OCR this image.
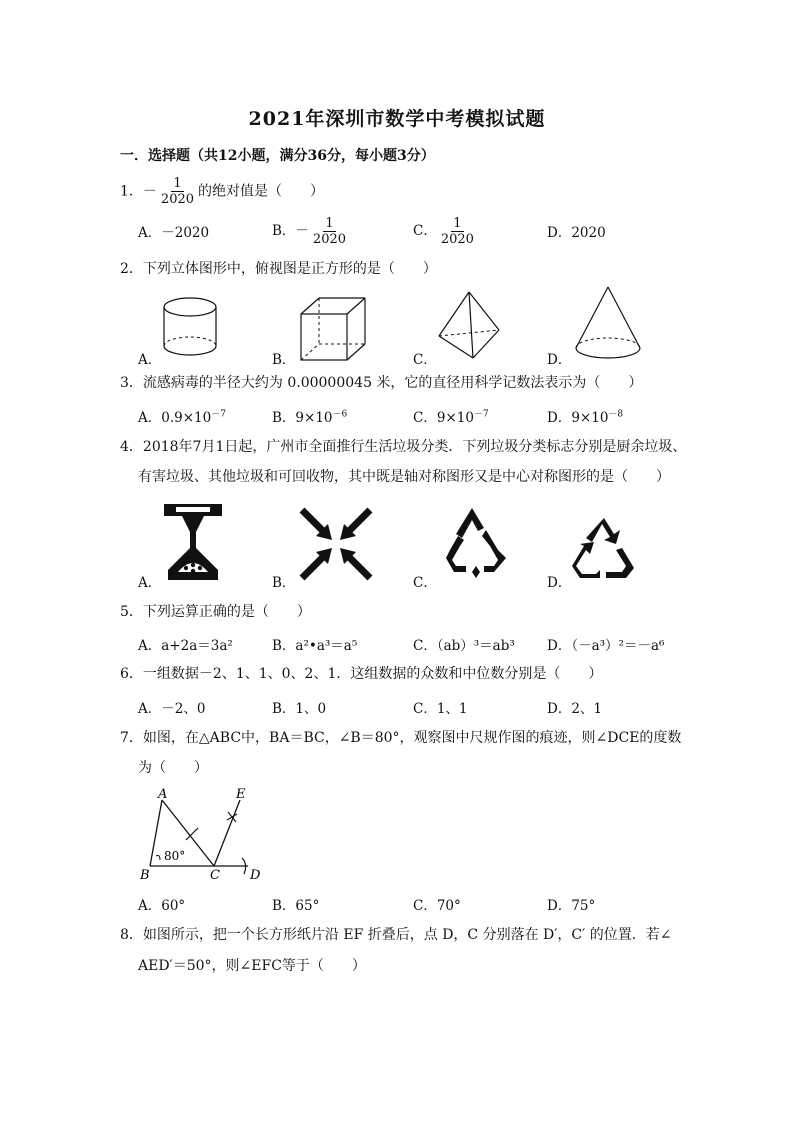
2021年深圳市数学中考模拟试题
一．选择题（共12小题，满分36分，每小题3分）
1．－ $\frac{1}{2020}$ 的绝对值是（　　）
A．－2020	B．－ $\frac{1}{2020}$	C． $\frac{1}{2020}$	D．2020
2．下列立体图形中，俯视图是正方形的是（　　）
A．	B．	C．	D．
3．流感病毒的半径大约为 0.00000045 米，它的直径用科学记数法表示为（　　）
A．$0.9\times 10^{-7}$	B．$9\times 10^{-6}$	C．$9\times 10^{-7}$	D．$9\times 10^{-8}$
4．2018年7月1日起，广州市全面推行生活垃圾分类．下列垃圾分类标志分别是厨余垃圾、
有害垃圾、其他垃圾和可回收物，其中既是轴对称图形又是中心对称图形的是（　　）
A．	B．	C．	D．
5．下列运算正确的是（　　）
A．a+2a＝3a²	B．a²•a³＝a⁵	C．（ab）³＝ab³ D．（－a³）²＝－a⁶
6．一组数据－2、1、1、0、2、1．这组数据的众数和中位数分别是（　　）
A．－2、0	B．1、0	C．1、1	D．2、1
7．如图，在△ABC中，BA＝BC，∠B＝80°，观察图中尺规作图的痕迹，则∠DCE的度数
为（　　）
A
B	C D
E
80°
A．60°	B．65°	C．70°	D．75°
8．如图所示，把一个长方形纸片沿 EF 折叠后，点 D，C 分别落在 D′，C′ 的位置．若∠
AED′＝50°，则∠EFC等于（　　）
